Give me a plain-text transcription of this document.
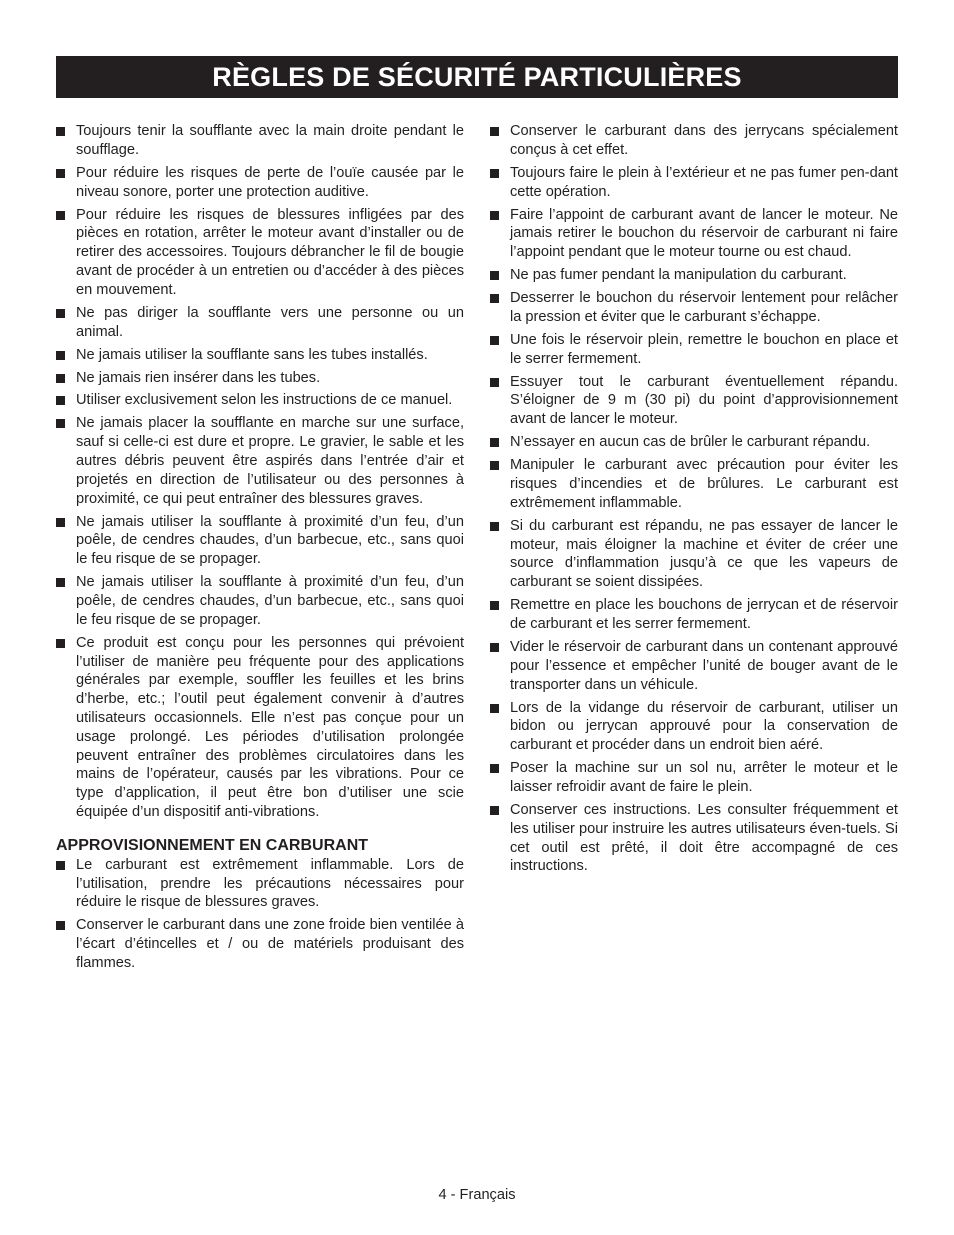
RÈGLES DE SÉCURITÉ PARTICULIÈRES
Toujours tenir la soufflante avec la main droite pendant le soufflage.
Pour réduire les risques de perte de l’ouïe causée par le niveau sonore, porter une protection auditive.
Pour réduire les risques de blessures infligées par des pièces en rotation, arrêter le moteur avant d’installer ou de retirer des accessoires. Toujours débrancher le fil de bougie avant de procéder à un entretien ou d’accéder à des pièces en mouvement.
Ne pas diriger la soufflante vers une personne ou un animal.
Ne jamais utiliser la soufflante sans les tubes installés.
Ne jamais rien insérer dans les tubes.
Utiliser exclusivement selon les instructions de ce manuel.
Ne jamais placer la soufflante en marche sur une surface, sauf si celle-ci est dure et propre. Le gravier, le sable et les autres débris peuvent être aspirés dans l’entrée d’air et projetés en direction de l’utilisateur ou des personnes à proximité, ce qui peut entraîner des blessures graves.
Ne jamais utiliser la soufflante à proximité d’un feu, d’un poêle, de cendres chaudes, d’un barbecue, etc., sans quoi le feu risque de se propager.
Ne jamais utiliser la soufflante à proximité d’un feu, d’un poêle, de cendres chaudes, d’un barbecue, etc., sans quoi le feu risque de se propager.
Ce produit est conçu pour les personnes qui prévoient l’utiliser de manière peu fréquente pour des applications générales par exemple, souffler les feuilles et les brins d’herbe, etc.; l’outil peut également convenir à d’autres utilisateurs occasionnels. Elle n’est pas conçue pour un usage prolongé. Les périodes d’utilisation prolongée peuvent entraîner des problèmes circulatoires dans les mains de l’opérateur, causés par les vibrations. Pour ce type d’application, il peut être bon d’utiliser une scie équipée d’un dispositif anti-vibrations.
APPROVISIONNEMENT EN CARBURANT
Le carburant est extrêmement inflammable. Lors de l’utilisation, prendre les précautions nécessaires pour réduire le risque de blessures graves.
Conserver le carburant dans une zone froide bien ventilée à l’écart d’étincelles et / ou de matériels produisant des flammes.
Conserver le carburant dans des jerrycans spécialement conçus à cet effet.
Toujours faire le plein à l’extérieur et ne pas fumer pen-dant cette opération.
Faire l’appoint de carburant avant de lancer le moteur. Ne jamais retirer le bouchon du réservoir de carburant ni faire l’appoint pendant que le moteur tourne ou est chaud.
Ne pas fumer pendant la manipulation du carburant.
Desserrer le bouchon du réservoir lentement pour relâcher la pression et éviter que le carburant s’échappe.
Une fois le réservoir plein, remettre le bouchon en place et le serrer fermement.
Essuyer tout le carburant éventuellement répandu. S’éloigner de 9 m (30 pi) du point d’approvisionnement avant de lancer le moteur.
N’essayer en aucun cas de brûler le carburant répandu.
Manipuler le carburant avec précaution pour éviter les risques d’incendies et de brûlures. Le carburant est extrêmement inflammable.
Si du carburant est répandu, ne pas essayer de lancer le moteur, mais éloigner la machine et éviter de créer une source d’inflammation jusqu’à ce que les vapeurs de carburant se soient dissipées.
Remettre en place les bouchons de jerrycan et de réservoir de carburant et les serrer fermement.
Vider le réservoir de carburant dans un contenant approuvé pour l’essence et empêcher l’unité de bouger avant de le transporter dans un véhicule.
Lors de la vidange du réservoir de carburant, utiliser un bidon ou jerrycan approuvé pour la conservation de carburant et procéder dans un endroit bien aéré.
Poser la machine sur un sol nu, arrêter le moteur et le laisser refroidir avant de faire le plein.
Conserver ces instructions. Les consulter fréquemment et les utiliser pour instruire les autres utilisateurs éven-tuels. Si cet outil est prêté, il doit être accompagné de ces instructions.
4 - Français
